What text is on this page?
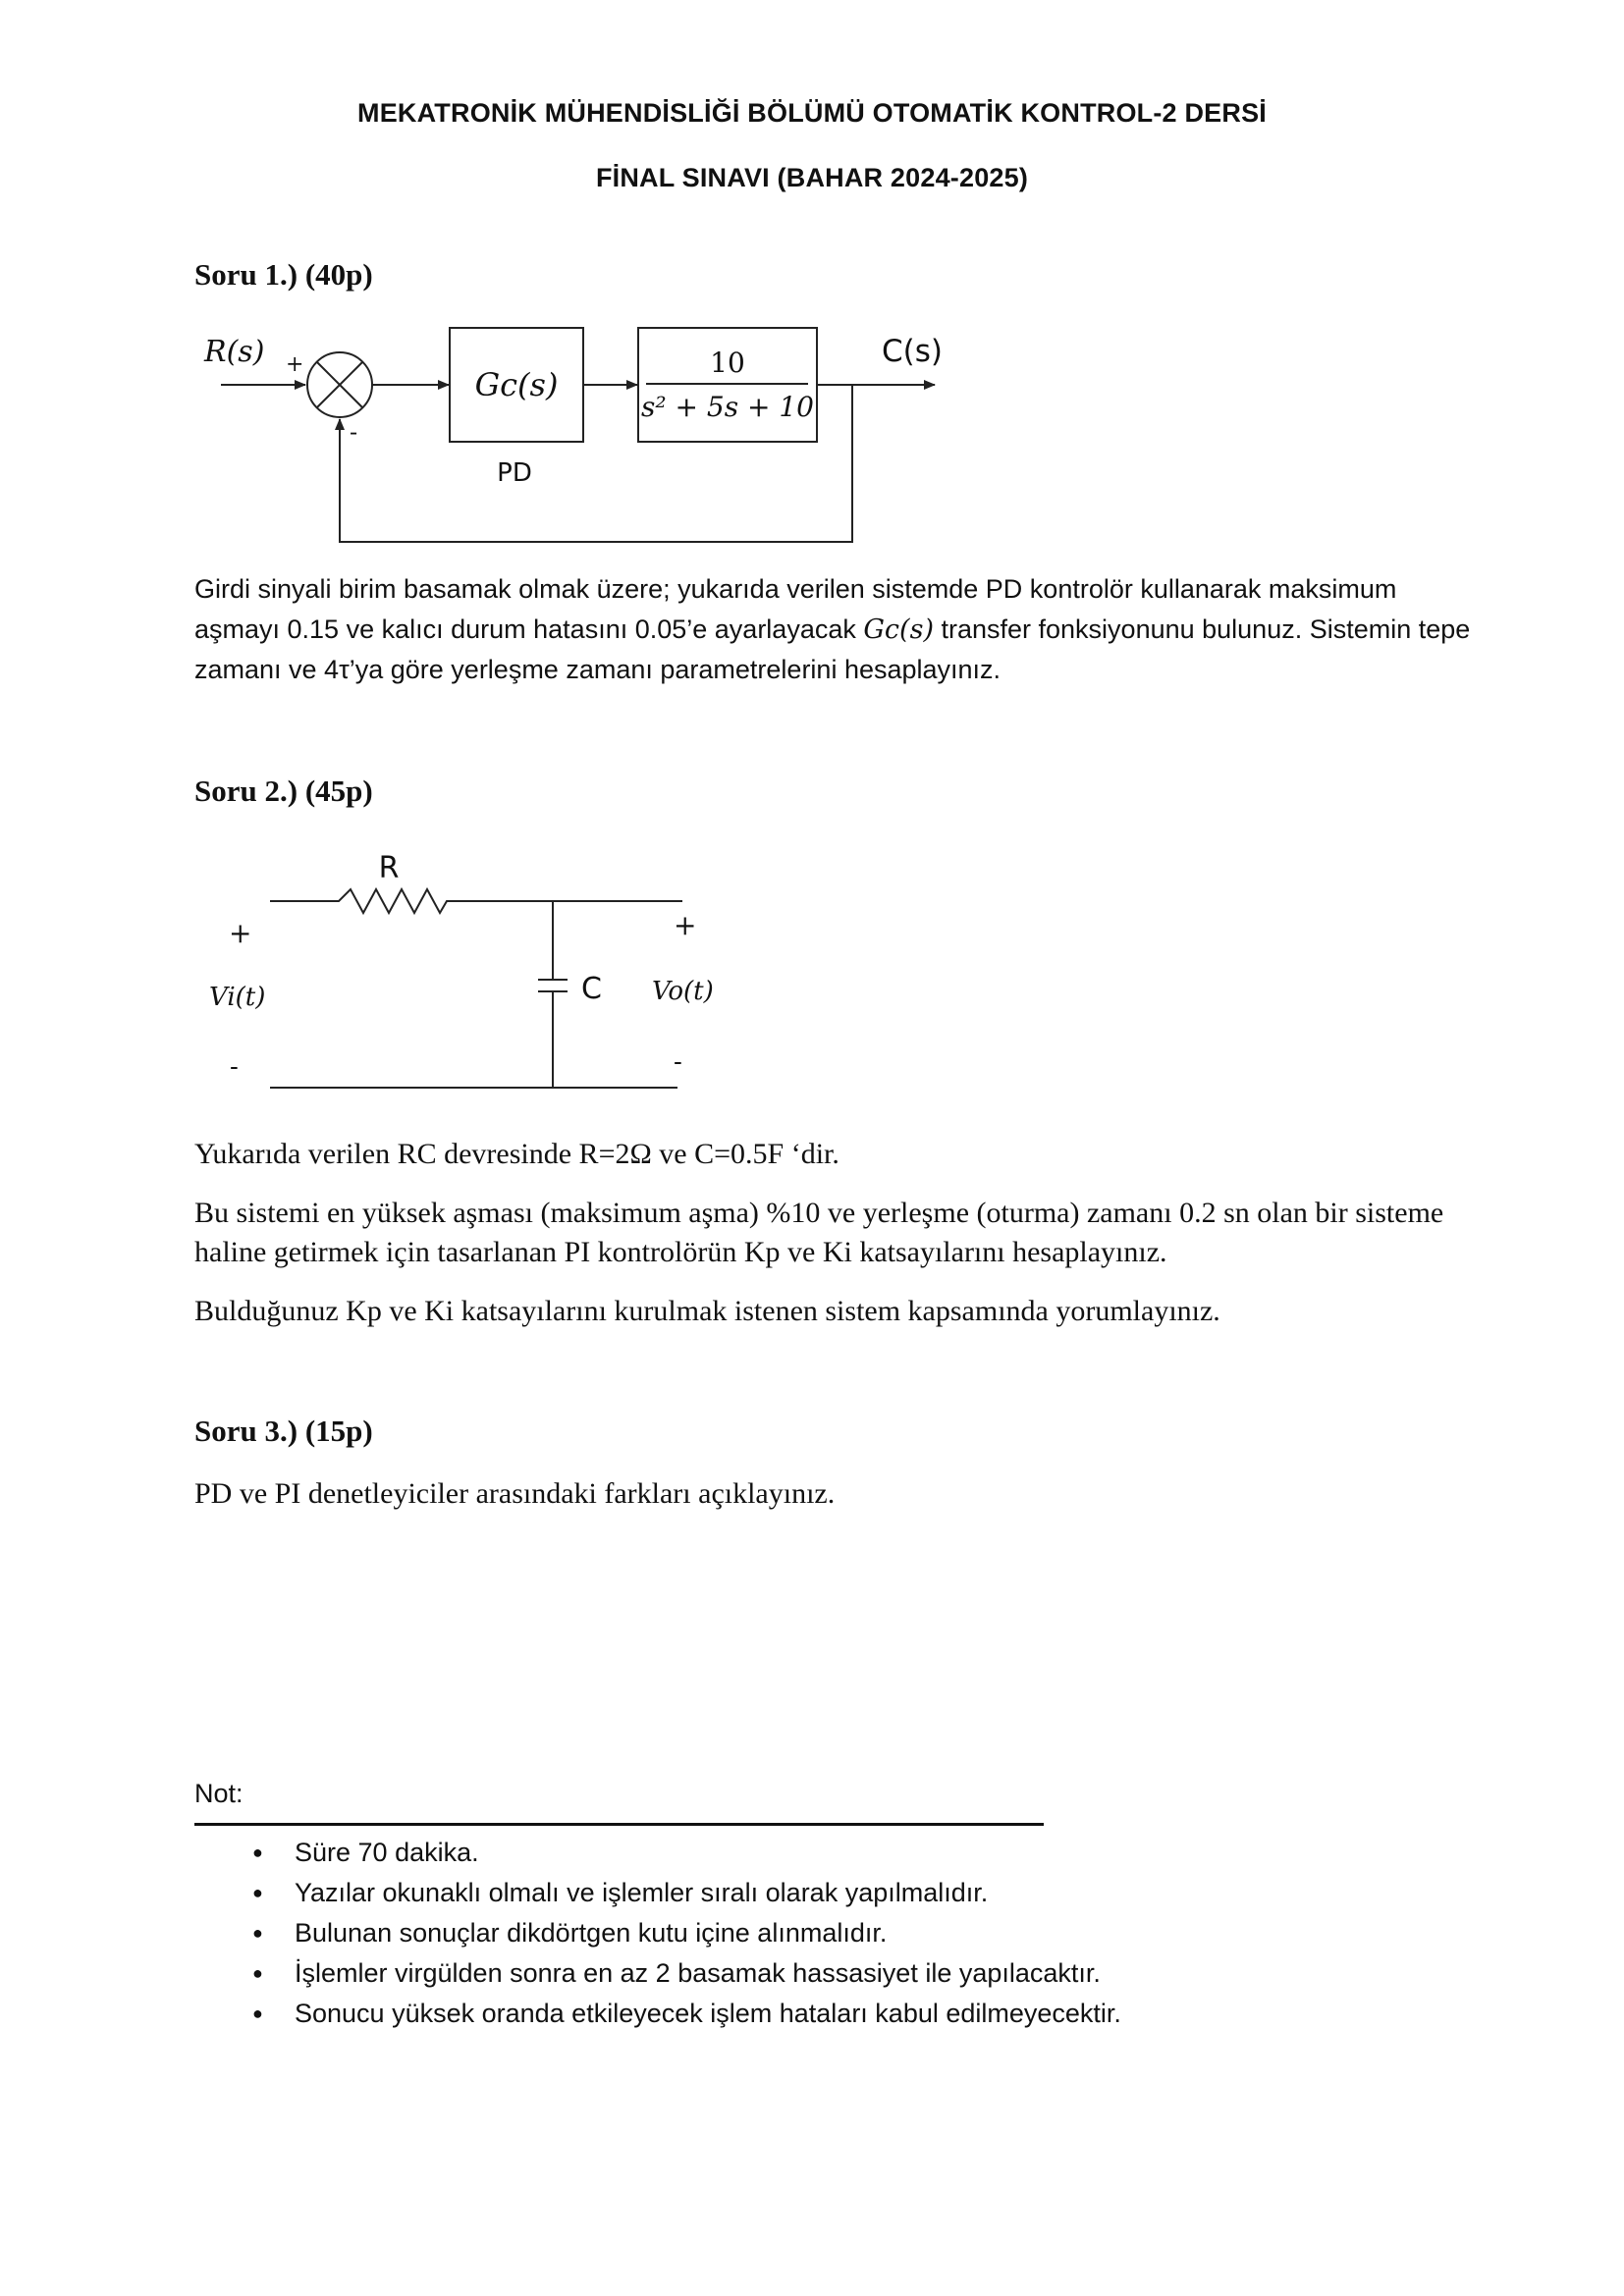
MEKATRONİK MÜHENDİSLİĞİ BÖLÜMÜ OTOMATİK KONTROL-2 DERSİ
FİNAL SINAVI (BAHAR 2024-2025)
Soru 1.) (40p)
R(s) +
-
Gc(s)
PD
10
s² + 5s + 10
C(s)
Girdi sinyali birim basamak olmak üzere; yukarıda verilen sistemde PD kontrolör kullanarak maksimum aşmayı 0.15 ve kalıcı durum hatasını 0.05’e ayarlayacak Gc(s) transfer fonksiyonunu bulunuz. Sistemin tepe zamanı ve 4τ’ya göre yerleşme zamanı parametrelerini hesaplayınız.
Soru 2.) (45p)
R
C
+
Vi(t)
-
+
Vo(t)
-
Yukarıda verilen RC devresinde R=2Ω ve C=0.5F ‘dir.
Bu sistemi en yüksek aşması (maksimum aşma) %10 ve yerleşme (oturma) zamanı 0.2 sn olan bir sisteme haline getirmek için tasarlanan PI kontrolörün Kp ve Ki katsayılarını hesaplayınız.
Bulduğunuz Kp ve Ki katsayılarını kurulmak istenen sistem kapsamında yorumlayınız.
Soru 3.) (15p)
PD ve PI denetleyiciler arasındaki farkları açıklayınız.
Not:
● Süre 70 dakika.
● Yazılar okunaklı olmalı ve işlemler sıralı olarak yapılmalıdır.
● Bulunan sonuçlar dikdörtgen kutu içine alınmalıdır.
● İşlemler virgülden sonra en az 2 basamak hassasiyet ile yapılacaktır.
● Sonucu yüksek oranda etkileyecek işlem hataları kabul edilmeyecektir.
